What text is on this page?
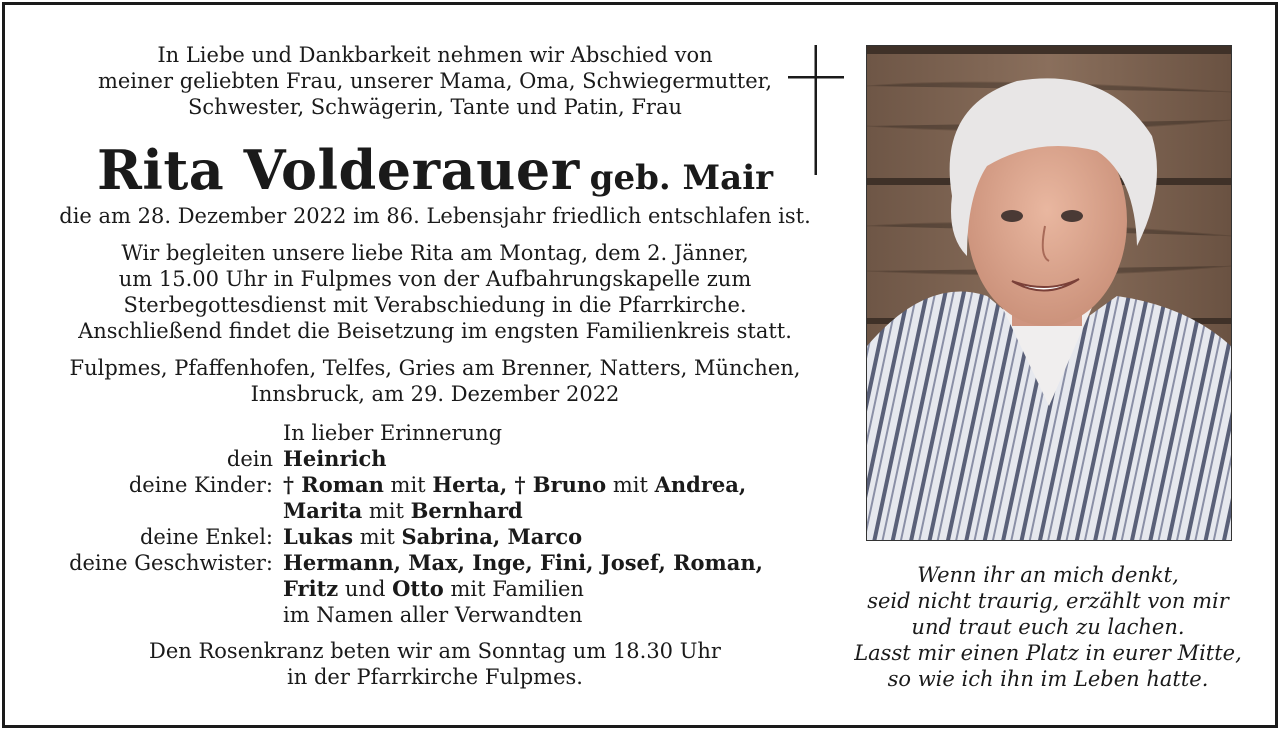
In Liebe und Dankbarkeit nehmen wir Abschied von
meiner geliebten Frau, unserer Mama, Oma, Schwiegermutter,
Schwester, Schwägerin, Tante und Patin, Frau
Rita Volderauer geb. Mair
die am 28. Dezember 2022 im 86. Lebensjahr friedlich entschlafen ist.
Wir begleiten unsere liebe Rita am Montag, dem 2. Jänner,
um 15.00 Uhr in Fulpmes von der Aufbahrungskapelle zum
Sterbegottesdienst mit Verabschiedung in die Pfarrkirche.
Anschließend findet die Beisetzung im engsten Familienkreis statt.
Fulpmes, Pfaffenhofen, Telfes, Gries am Brenner, Natters, München,
Innsbruck, am 29. Dezember 2022
In lieber Erinnerung
dein Heinrich
deine Kinder: † Roman mit Herta, † Bruno mit Andrea,
Marita mit Bernhard
deine Enkel: Lukas mit Sabrina, Marco
deine Geschwister: Hermann, Max, Inge, Fini, Josef, Roman,
Fritz und Otto mit Familien
im Namen aller Verwandten
Den Rosenkranz beten wir am Sonntag um 18.30 Uhr
in der Pfarrkirche Fulpmes.
Wenn ihr an mich denkt,
seid nicht traurig, erzählt von mir
und traut euch zu lachen.
Lasst mir einen Platz in eurer Mitte,
so wie ich ihn im Leben hatte.
